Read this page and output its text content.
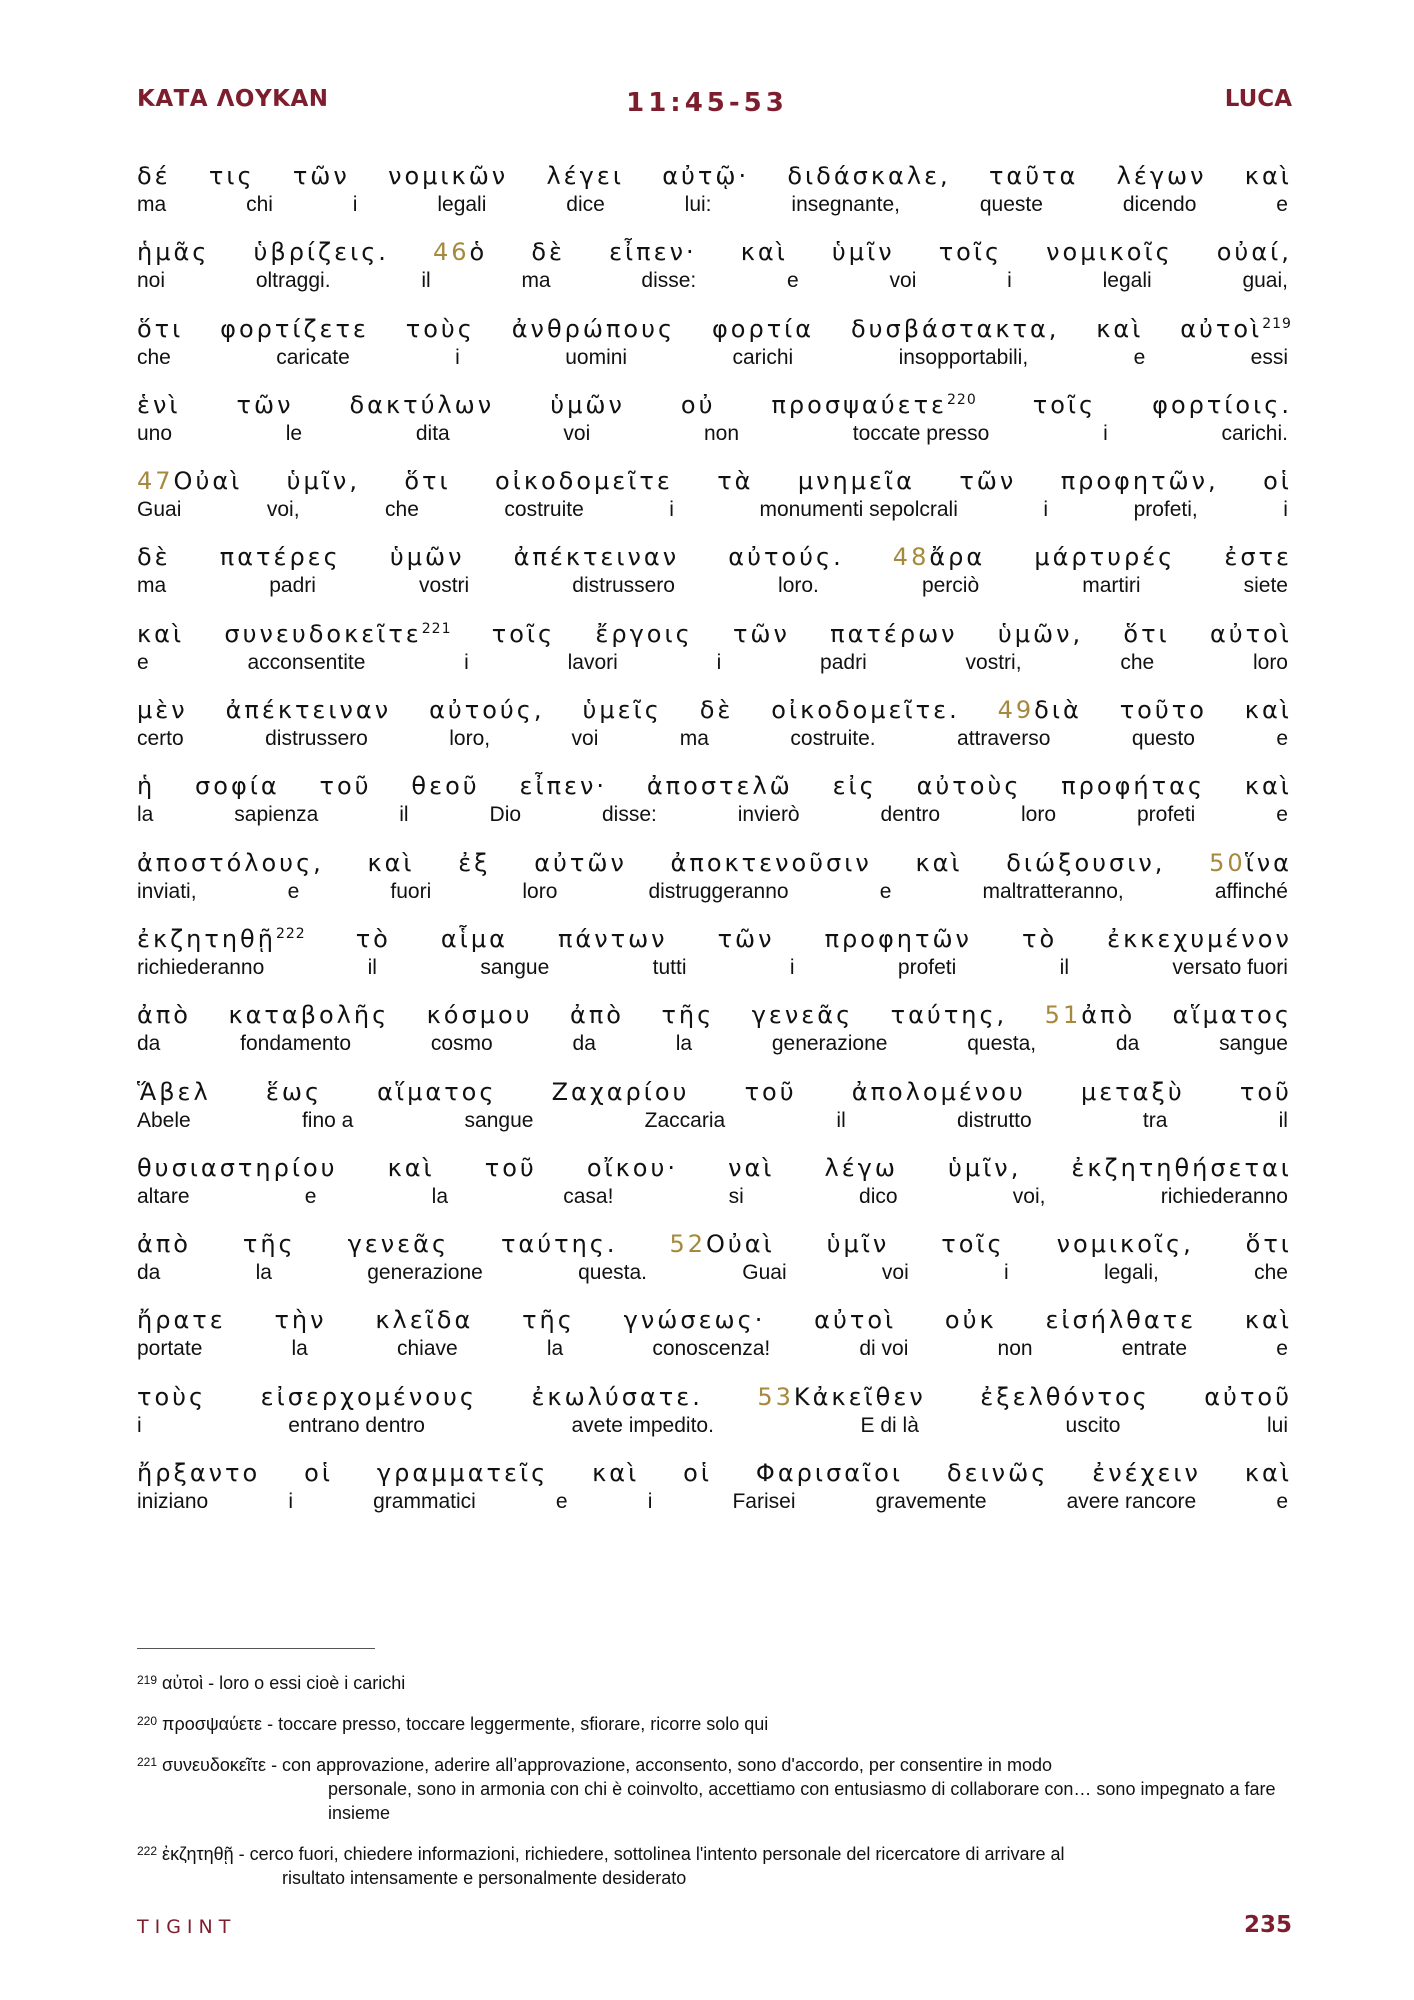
ΚΑΤΑ ΛΟΥΚΑΝ	11:45-53	LUCA
δέ τις τῶν νομικῶν λέγει αὐτῷ· διδάσκαλε, ταῦτα λέγων καὶ
ma	chi	i	legali	dice	lui:	insegnante,	queste	dicendo	e
ἡμᾶς ὑβρίζεις. 46ὁ δὲ εἶπεν· καὶ ὑμῖν τοῖς νομικοῖς οὐαί,
noi	oltraggi.	il	ma	disse:	e	voi	i	legali	guai,
ὅτι φορτίζετε τοὺς ἀνθρώπους φορτία δυσβάστακτα, καὶ αὐτοὶ$^{219}$
che	caricate	i	uomini	carichi	insopportabili,	e	essi
ἑνὶ τῶν δακτύλων ὑμῶν οὐ προσψαύετε$^{220}$ τοῖς φορτίοις.
uno	le	dita	voi	non	toccate presso	i	carichi.
47Οὐαὶ ὑμῖν, ὅτι οἰκοδομεῖτε τὰ μνημεῖα τῶν προφητῶν, οἱ
Guai	voi,	che	costruite	i	monumenti sepolcrali	i	profeti,	i
δὲ πατέρες ὑμῶν ἀπέκτειναν αὐτούς. 48ἄρα μάρτυρές ἐστε
ma	padri	vostri	distrussero	loro.	perciò	martiri	siete
καὶ συνευδοκεῖτε$^{221}$ τοῖς ἔργοις τῶν πατέρων ὑμῶν, ὅτι αὐτοὶ
e	acconsentite	i	lavori	i	padri	vostri,	che	loro
μὲν ἀπέκτειναν αὐτούς, ὑμεῖς δὲ οἰκοδομεῖτε. 49διὰ τοῦτο καὶ
certo	distrussero	loro,	voi	ma	costruite.	attraverso	questo	e
ἡ σοφία τοῦ θεοῦ εἶπεν· ἀποστελῶ εἰς αὐτοὺς προφήτας καὶ
la	sapienza	il	Dio	disse:	invierò	dentro	loro	profeti	e
ἀποστόλους, καὶ ἐξ αὐτῶν ἀποκτενοῦσιν καὶ διώξουσιν, 50ἵνα
inviati,	e	fuori	loro	distruggeranno	e	maltratteranno,	affinché
ἐκζητηθῇ$^{222}$ τὸ αἷμα πάντων τῶν προφητῶν τὸ ἐκκεχυμένον
richiederanno	il	sangue	tutti	i	profeti	il	versato fuori
ἀπὸ καταβολῆς κόσμου ἀπὸ τῆς γενεᾶς ταύτης, 51ἀπὸ αἵματος
da	fondamento	cosmo	da	la	generazione	questa,	da	sangue
Ἅβελ ἕως αἵματος Ζαχαρίου τοῦ ἀπολομένου μεταξὺ τοῦ
Abele	fino a	sangue	Zaccaria	il	distrutto	tra	il
θυσιαστηρίου καὶ τοῦ οἴκου· ναὶ λέγω ὑμῖν, ἐκζητηθήσεται
altare	e	la	casa!	si	dico	voi,	richiederanno
ἀπὸ τῆς γενεᾶς ταύτης. 52Οὐαὶ ὑμῖν τοῖς νομικοῖς, ὅτι
da	la	generazione	questa.	Guai	voi	i	legali,	che
ἤρατε τὴν κλεῖδα τῆς γνώσεως· αὐτοὶ οὐκ εἰσήλθατε καὶ
portate	la	chiave	la	conoscenza!	di voi	non	entrate	e
τοὺς εἰσερχομένους ἐκωλύσατε. 53Κἀκεῖθεν ἐξελθόντος αὐτοῦ
i	entrano dentro	avete impedito.	E di là	uscito	lui
ἤρξαντο οἱ γραμματεῖς καὶ οἱ Φαρισαῖοι δεινῶς ἐνέχειν καὶ
iniziano	i	grammatici	e	i	Farisei	gravemente	avere rancore	e
$^{219}$ αὐτοὶ - loro o essi cioè i carichi
$^{220}$ προσψαύετε - toccare presso, toccare leggermente, sfiorare, ricorre solo qui
$^{221}$ συνευδοκεῖτε - con approvazione, aderire all’approvazione, acconsento, sono d'accordo, per consentire in modo
personale, sono in armonia con chi è coinvolto, accettiamo con entusiasmo di collaborare con… sono impegnato a fare insieme
$^{222}$ ἐκζητηθῇ - cerco fuori, chiedere informazioni, richiedere, sottolinea l'intento personale del ricercatore di arrivare al
risultato intensamente e personalmente desiderato
TIGINT	235
